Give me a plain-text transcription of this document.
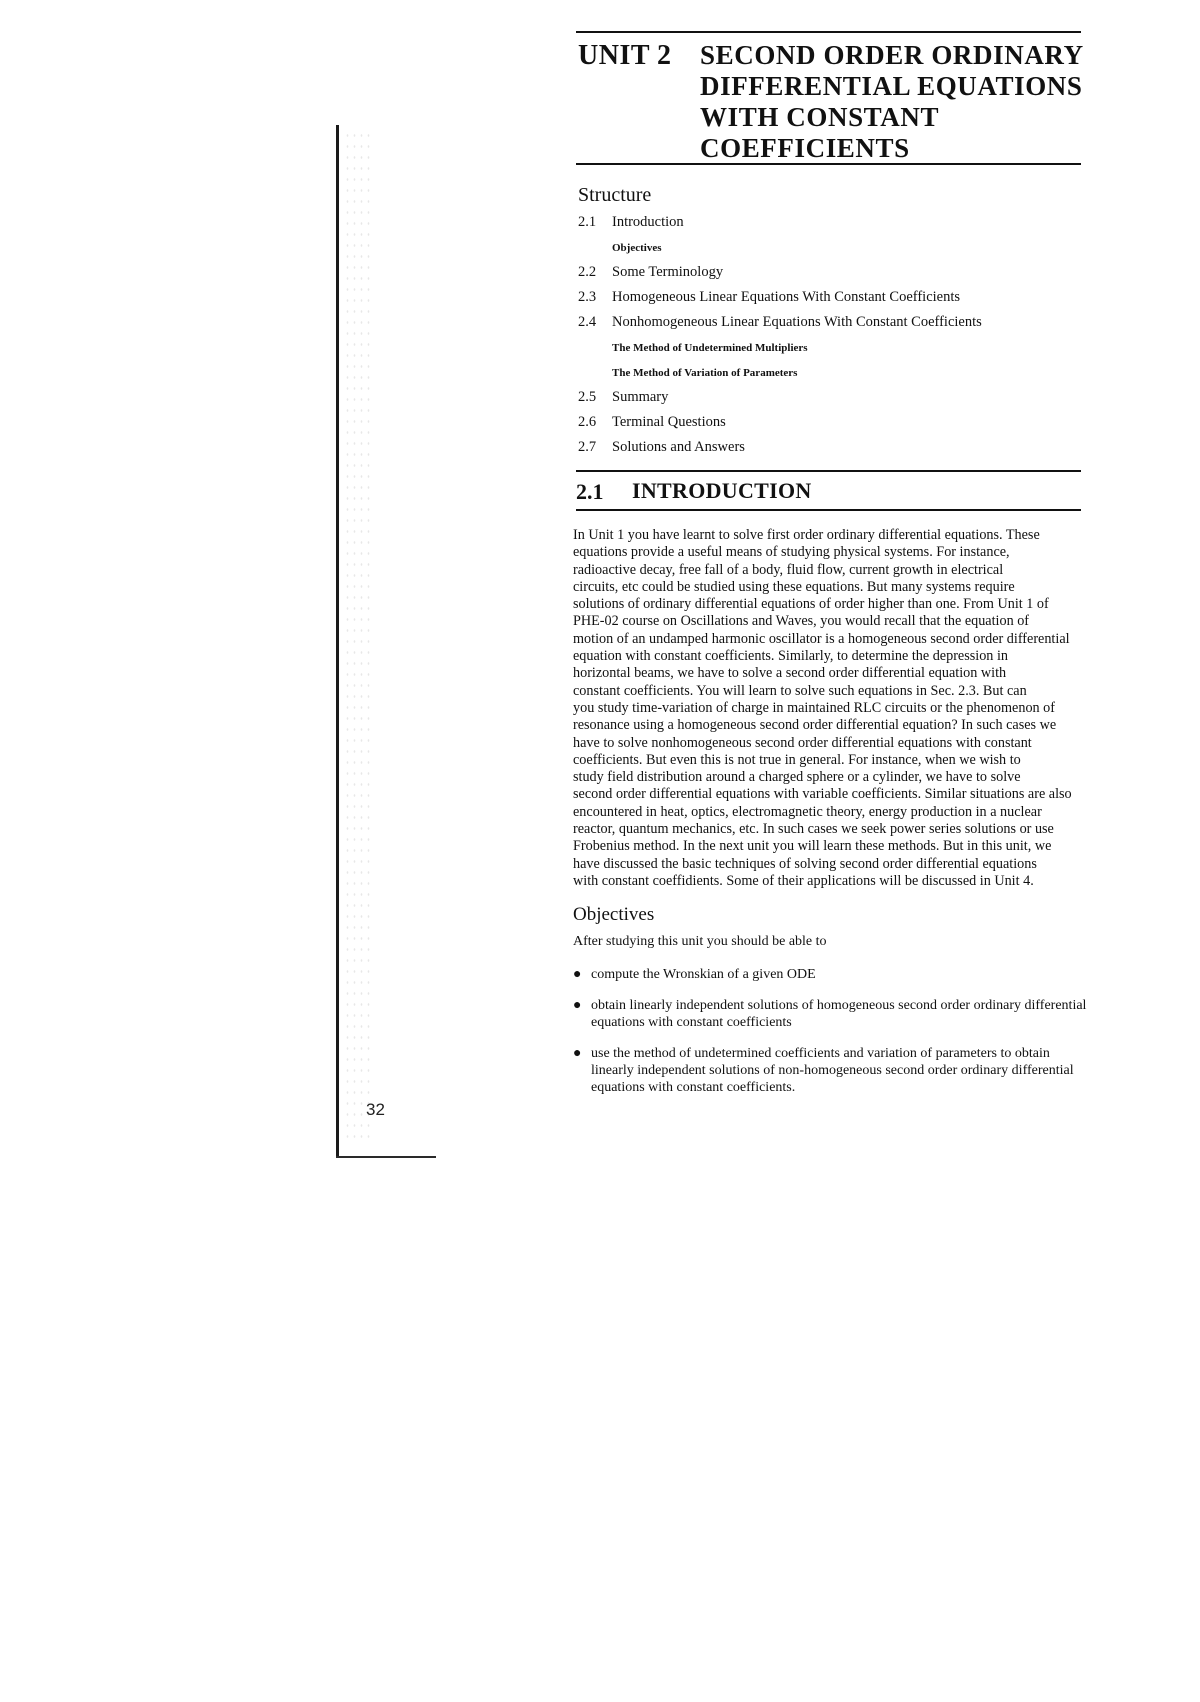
UNIT 2 SECOND ORDER ORDINARY
DIFFERENTIAL EQUATIONS
WITH CONSTANT
COEFFICIENTS
Structure
2.1 Introduction
Objectives
2.2 Some Terminology
2.3 Homogeneous Linear Equations With Constant Coefficients
2.4 Nonhomogeneous Linear Equations With Constant Coefficients
The Method of Undetermined Multipliers
The Method of Variation of Parameters
2.5 Summary
2.6 Terminal Questions
2.7 Solutions and Answers
2.1 INTRODUCTION

In Unit 1 you have learnt to solve first order ordinary differential equations. These
equations provide a useful means of studying physical systems. For instance,
radioactive decay, free fall of a body, fluid flow, current growth in electrical
circuits, etc could be studied using these equations. But many systems require
solutions of ordinary differential equations of order higher than one. From Unit 1 of
PHE-02 course on Oscillations and Waves, you would recall that the equation of
motion of an undamped harmonic oscillator is a homogeneous second order differential
equation with constant coefficients. Similarly, to determine the depression in
horizontal beams, we have to solve a second order differential equation with
constant coefficients. You will learn to solve such equations in Sec. 2.3. But can
you study time-variation of charge in maintained RLC circuits or the phenomenon of
resonance using a homogeneous second order differential equation? In such cases we
have to solve nonhomogeneous second order differential equations with constant
coefficients. But even this is not true in general. For instance, when we wish to
study field distribution around a charged sphere or a cylinder, we have to solve
second order differential equations with variable coefficients. Similar situations are also
encountered in heat, optics, electromagnetic theory, energy production in a nuclear
reactor, quantum mechanics, etc. In such cases we seek power series solutions or use
Frobenius method. In the next unit you will learn these methods. But in this unit, we
have discussed the basic techniques of solving second order differential equations
with constant coeffidients. Some of their applications will be discussed in Unit 4.

Objectives

After studying this unit you should be able to

● compute the Wronskian of a given ODE
● obtain linearly independent solutions of homogeneous second order ordinary differential
equations with constant coefficients
● use the method of undetermined coefficients and variation of parameters to obtain
linearly independent solutions of non-homogeneous second order ordinary differential
equations with constant coefficients.
32
